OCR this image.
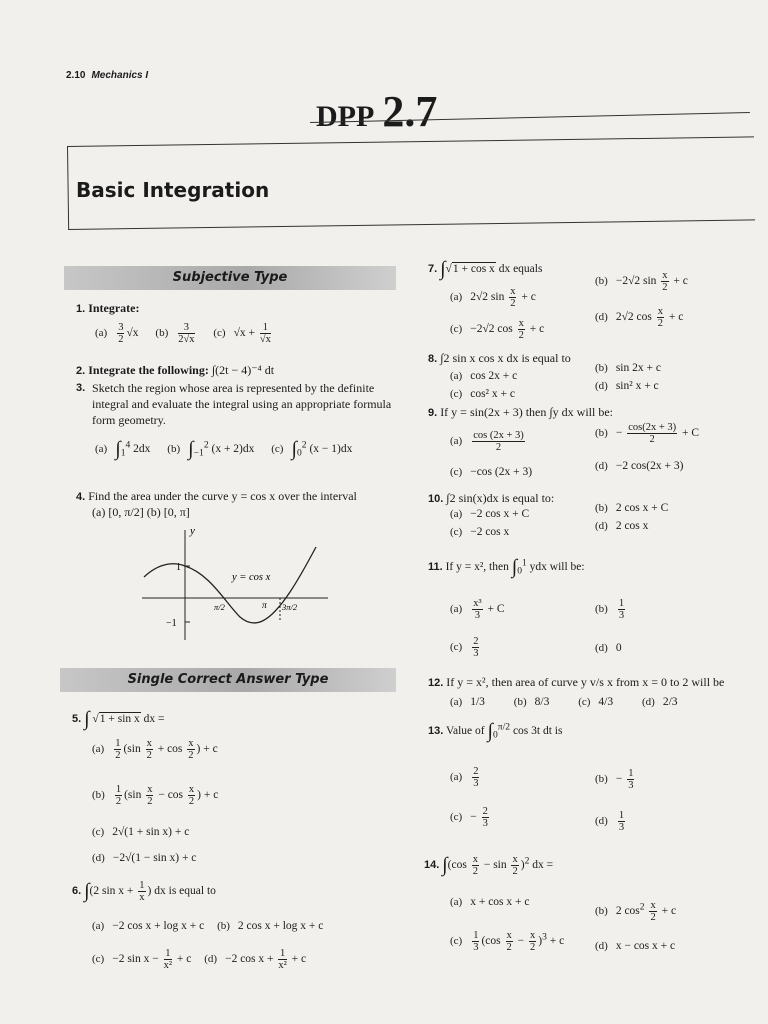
2.10 Mechanics I
DPP 2.7
Basic Integration
Subjective Type
1. Integrate:
$(a) \frac{3}{2} √x$ $(b) \frac{3}{2√x} (c) √x + \frac{1}{√x}$
2. Integrate the following: ∫(2t − 4)⁻⁴ dt
3. Sketch the region whose area is represented by the definite integral and evaluate the integral using an appropriate formula form geometry.
(a) $\int_1^4$ 2dx (b) $\int_{-1}^2$ (x + 2)dx (c) $\int_0^2$ (x − 1)dx
4. Find the area under the curve y = cos x over the interval
(a) [0, π/2] (b) [0, π]
y
1
−1
y = cos x
π/2	π 3π/2
Single Correct Answer Type
5. ∫ √1 + sin x dx =
$(a) \frac{1}{2} (\sin \frac{x}{2} + \cos \frac{x}{2}$ ) + c
$(b) \frac{1}{2} (\sin \frac{x}{2} - \cos \frac{x}{2}$ ) + c
(c) 2√(1 + sin x) + c
(d) −2√(1 − sin x) + c
6. ∫(2 $\sin x + \frac{1}{x}$ ) dx is equal to
(a) −2 cos x + log x + c (b) 2 cos x + log x + c
(c) −2 $\sin x - \frac{1}{\text{x²}} + c$ (d) −2 $\cos x + \frac{1}{\text{x²}} + c$
7. ∫√1 + cos x dx equals
(a) 2√2 $\sin \frac{x}{2} + c$
(b) −2√2 $\sin \frac{x}{2} + c$
(c) −2√2 $\cos \frac{x}{2} + c$
(d) 2√2 $\cos \frac{x}{2} + c$
8. ∫2 sin x cos x dx is equal to
(a) cos 2x + c
(b) sin 2x + c
(c) cos² x + c
(d) sin² x + c
9. If y = sin(2x + 3) then ∫y dx will be:
$(a) \frac{\cos (2x + 3)}{2}$	$(b) - \frac{\cos(2x + 3)}{2} + C$
(c) −cos (2x + 3)	(d) −2 cos(2x + 3)
10. ∫2 sin(x)dx is equal to:
(a) −2 cos x + C	(b) 2 cos x + C
(c) −2 cos x	(d) 2 cos x
11. If y = x², then $\int_0^1$ ydx will be:
$(a) \frac{\text{x³}}{3} + C$	$(b) \frac{1}{3}$
$(c) \frac{2}{3}$	(d) 0
12. If y = x², then area of curve y v/s x from x = 0 to 2 will be
(a) 1/3	(b) 8/3	(c) 4/3	(d) 2/3
13. Value of $\int_0^{\pi/2}$ cos 3t dt is
$(a) \frac{2}{3}$	$(b) - \frac{1}{3}$
$(c) - \frac{2}{3}$	$(d) \frac{1}{3}$
14. $\int(\cos \frac{x}{2} - \sin \frac{x}{2} )^2$ dx =
(a) x + cos x + c
(b) 2 $\cos^2 \frac{x}{2} + c$
$(c) \frac{1}{3} (\cos \frac{x}{2} - \frac{x}{2} )^3 + c$	(d) x − cos x + c
